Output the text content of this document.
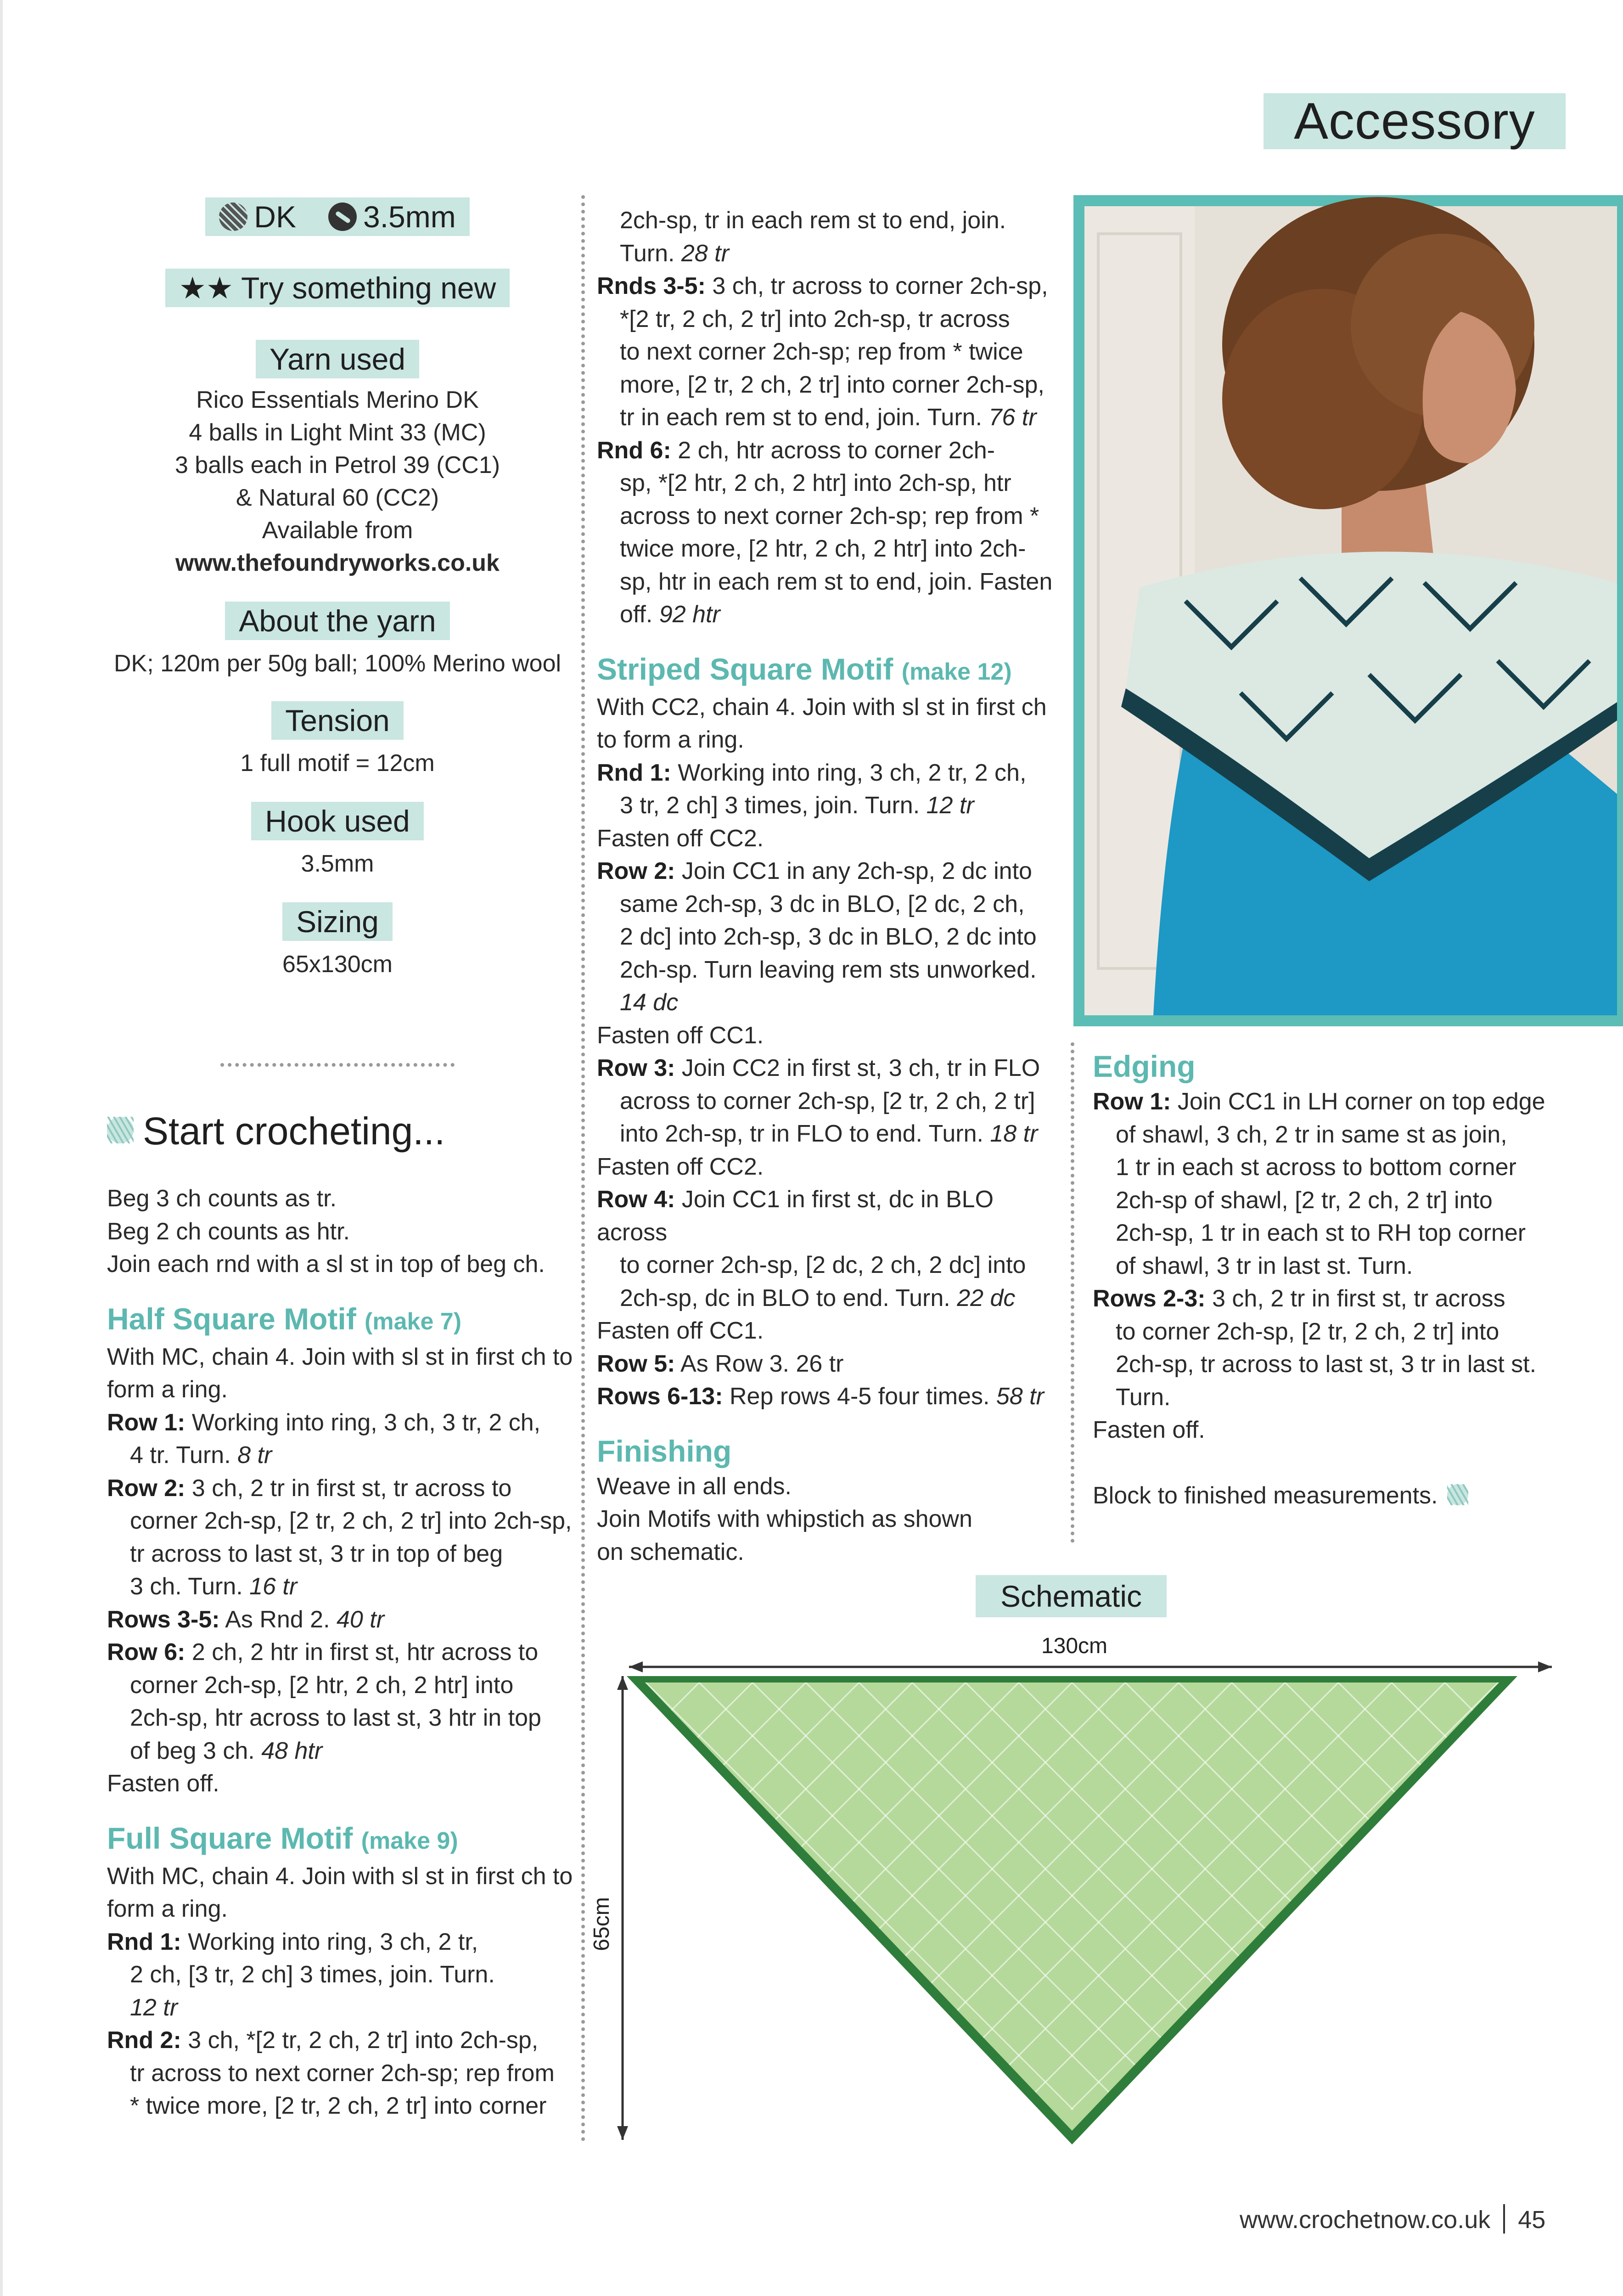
Accessory
DK 3.5mm
★★ Try something new
Yarn used

Rico Essentials Merino DK

4 balls in Light Mint 33 (MC)

3 balls each in Petrol 39 (CC1)

& Natural 60 (CC2)

Available from

www.thefoundryworks.co.uk

About the yarn

DK; 120m per 50g ball; 100% Merino wool

Tension

1 full motif = 12cm

Hook used

3.5mm

Sizing

65x130cm

Start crocheting...

Beg 3 ch counts as tr.

Beg 2 ch counts as htr.

Join each rnd with a sl st in top of beg ch.

Half Square Motif (make 7)

With MC, chain 4. Join with sl st in first ch to form a ring.

Row 1: Working into ring, 3 ch, 3 tr, 2 ch,

4 tr. Turn. 8 tr

Row 2: 3 ch, 2 tr in first st, tr across to

corner 2ch-sp, [2 tr, 2 ch, 2 tr] into 2ch-sp,

tr across to last st, 3 tr in top of beg

3 ch. Turn. 16 tr

Rows 3-5: As Rnd 2. 40 tr

Row 6: 2 ch, 2 htr in first st, htr across to

corner 2ch-sp, [2 htr, 2 ch, 2 htr] into

2ch-sp, htr across to last st, 3 htr in top

of beg 3 ch. 48 htr

Fasten off.

Full Square Motif (make 9)

With MC, chain 4. Join with sl st in first ch to form a ring.

Rnd 1: Working into ring, 3 ch, 2 tr,

2 ch, [3 tr, 2 ch] 3 times, join. Turn.

12 tr

Rnd 2: 3 ch, *[2 tr, 2 ch, 2 tr] into 2ch-sp,

tr across to next corner 2ch-sp; rep from

* twice more, [2 tr, 2 ch, 2 tr] into corner

2ch-sp, tr in each rem st to end, join.

Turn. 28 tr

Rnds 3-5: 3 ch, tr across to corner 2ch-sp,

*[2 tr, 2 ch, 2 tr] into 2ch-sp, tr across

to next corner 2ch-sp; rep from * twice

more, [2 tr, 2 ch, 2 tr] into corner 2ch-sp,

tr in each rem st to end, join. Turn. 76 tr

Rnd 6: 2 ch, htr across to corner 2ch-

sp, *[2 htr, 2 ch, 2 htr] into 2ch-sp, htr

across to next corner 2ch-sp; rep from *

twice more, [2 htr, 2 ch, 2 htr] into 2ch-

sp, htr in each rem st to end, join. Fasten

off. 92 htr

Striped Square Motif (make 12)

With CC2, chain 4. Join with sl st in first ch to form a ring.

Rnd 1: Working into ring, 3 ch, 2 tr, 2 ch,

3 tr, 2 ch] 3 times, join. Turn. 12 tr

Fasten off CC2.

Row 2: Join CC1 in any 2ch-sp, 2 dc into

same 2ch-sp, 3 dc in BLO, [2 dc, 2 ch,

2 dc] into 2ch-sp, 3 dc in BLO, 2 dc into

2ch-sp. Turn leaving rem sts unworked.

14 dc

Fasten off CC1.

Row 3: Join CC2 in first st, 3 ch, tr in FLO

across to corner 2ch-sp, [2 tr, 2 ch, 2 tr]

into 2ch-sp, tr in FLO to end. Turn. 18 tr

Fasten off CC2.

Row 4: Join CC1 in first st, dc in BLO across

to corner 2ch-sp, [2 dc, 2 ch, 2 dc] into

2ch-sp, dc in BLO to end. Turn. 22 dc

Fasten off CC1.

Row 5: As Row 3. 26 tr

Rows 6-13: Rep rows 4-5 four times. 58 tr

Finishing

Weave in all ends.

Join Motifs with whipstich as shown

on schematic.

Edging

Row 1: Join CC1 in LH corner on top edge

of shawl, 3 ch, 2 tr in same st as join,

1 tr in each st across to bottom corner

2ch-sp of shawl, [2 tr, 2 ch, 2 tr] into

2ch-sp, 1 tr in each st to RH top corner

of shawl, 3 tr in last st. Turn.

Rows 2-3: 3 ch, 2 tr in first st, tr across

to corner 2ch-sp, [2 tr, 2 ch, 2 tr] into

2ch-sp, tr across to last st, 3 tr in last st.

Turn.

Fasten off.

Block to finished measurements.

Schematic
130cm
65cm
www.crochetnow.co.uk 45
